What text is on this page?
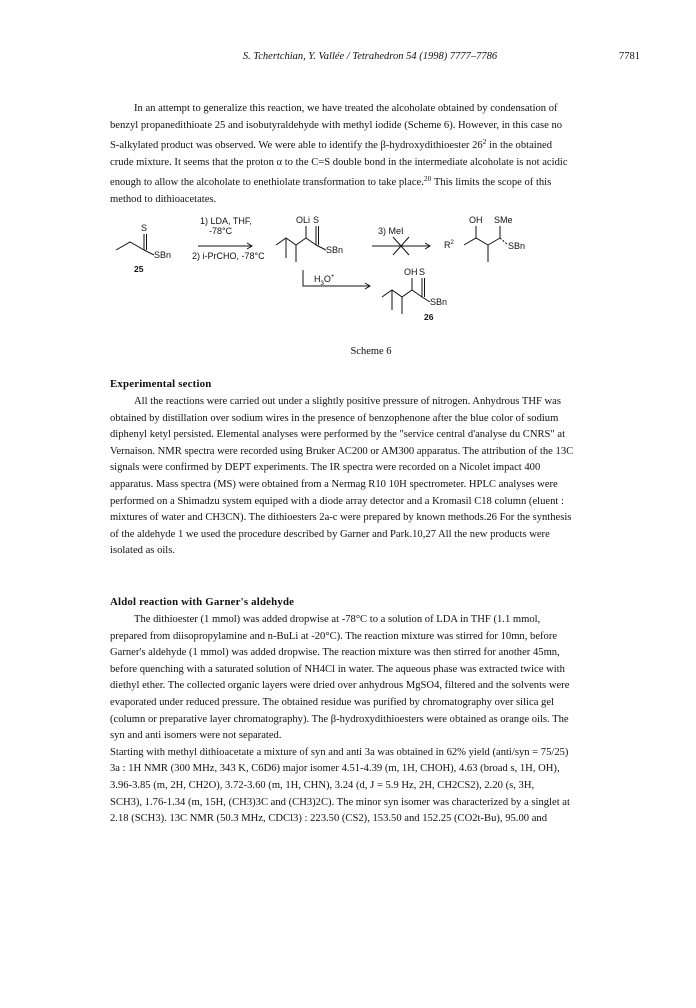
S. Tchertchian, Y. Vallée / Tetrahedron 54 (1998) 7777–7786	7781
In an attempt to generalize this reaction, we have treated the alcoholate obtained by condensation of
benzyl propanedithioate 25 and isobutyraldehyde with methyl iodide (Scheme 6). However, in this case no
S-alkylated product was observed. We were able to identify the β-hydroxydithioester $26^2$ in the obtained
crude mixture. It seems that the proton α to the C=S double bond in the intermediate alcoholate is not acidic
enough to allow the alcoholate to enethiolate transformation to take place.$^{20}$ This limits the scope of this
method to dithioacetates.
S
SBn
25
1) LDA, THF,
-78°C
2) i-PrCHO, -78°C
OLi S
SBn
3) MeI
$R^2$
OH SMe
SBn
$H_3O^+$	OH S
SBn
26
Scheme 6
Experimental section
All the reactions were carried out under a slightly positive pressure of nitrogen. Anhydrous THF was
obtained by distillation over sodium wires in the presence of benzophenone after the blue color of sodium
diphenyl ketyl persisted. Elemental analyses were performed by the "service central d'analyse du CNRS" at
Vernaison. NMR spectra were recorded using Bruker AC200 or AM300 apparatus. The attribution of the 13C
signals were confirmed by DEPT experiments. The IR spectra were recorded on a Nicolet impact 400
apparatus. Mass spectra (MS) were obtained from a Nermag R10 10H spectrometer. HPLC analyses were
performed on a Shimadzu system equiped with a diode array detector and a Kromasil C18 column (eluent :
mixtures of water and CH3CN). The dithioesters 2a-c were prepared by known methods.26 For the synthesis
of the aldehyde 1 we used the procedure described by Garner and Park.10,27 All the new products were
isolated as oils.
Aldol reaction with Garner's aldehyde
The dithioester (1 mmol) was added dropwise at -78°C to a solution of LDA in THF (1.1 mmol,
prepared from diisopropylamine and n-BuLi at -20°C). The reaction mixture was stirred for 10mn, before
Garner's aldehyde (1 mmol) was added dropwise. The reaction mixture was then stirred for another 45mn,
before quenching with a saturated solution of NH4Cl in water. The aqueous phase was extracted twice with
diethyl ether. The collected organic layers were dried over anhydrous MgSO4, filtered and the solvents were
evaporated under reduced pressure. The obtained residue was purified by chromatography over silica gel
(column or preparative layer chromatography). The β-hydroxydithioesters were obtained as orange oils. The
syn and anti isomers were not separated.
Starting with methyl dithioacetate a mixture of syn and anti 3a was obtained in 62% yield (anti/syn = 75/25)
3a : 1H NMR (300 MHz, 343 K, C6D6) major isomer 4.51-4.39 (m, 1H, CHOH), 4.63 (broad s, 1H, OH),
3.96-3.85 (m, 2H, CH2O), 3.72-3.60 (m, 1H, CHN), 3.24 (d, J = 5.9 Hz, 2H, CH2CS2), 2.20 (s, 3H,
SCH3), 1.76-1.34 (m, 15H, (CH3)3C and (CH3)2C). The minor syn isomer was characterized by a singlet at
2.18 (SCH3). 13C NMR (50.3 MHz, CDCl3) : 223.50 (CS2), 153.50 and 152.25 (CO2t-Bu), 95.00 and
